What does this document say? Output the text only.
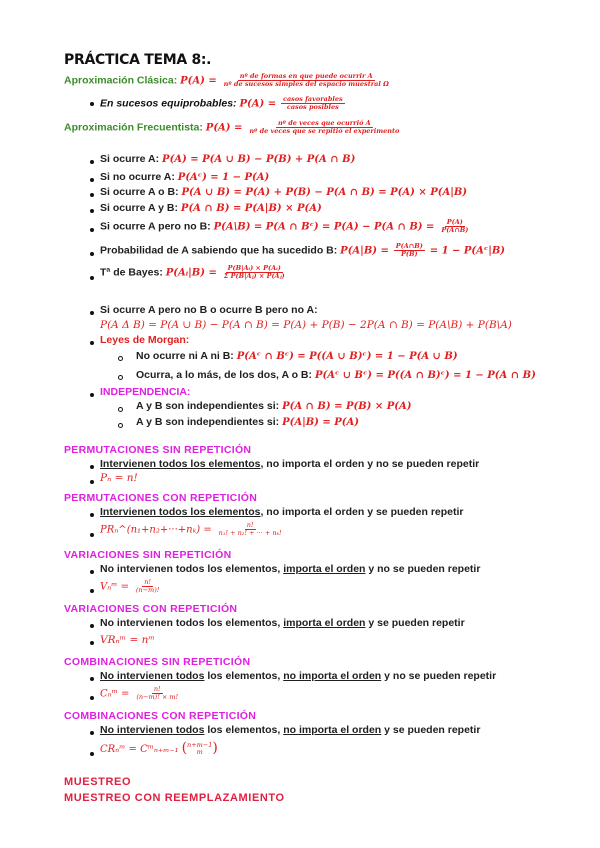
PRÁCTICA TEMA 8:.
Aproximación Clásica: $P(A) = \frac{\text{nº de formas en que puede ocurrir A}}{\text{nº de sucesos simples del espacio muestral Ω}}$
En sucesos equiprobables: $P(A) = \frac{\text{casos favorables}}{\text{casos posibles}}$
Aproximación Frecuentista: $P(A) = \frac{\text{nº de veces que ocurrió A}}{\text{nº de veces que se repitió el experimento}}$
Si ocurre A: P(A) = P(A ∪ B) − P(B) + P(A ∩ B)
Si no ocurre A: P(Aᶜ) = 1 − P(A)
Si ocurre A o B: P(A ∪ B) = P(A) + P(B) − P(A ∩ B) = P(A) × P(A|B)
Si ocurre A y B: P(A ∩ B) = P(A|B) × P(A)
Si ocurre A pero no B: P(A\B) = P(A ∩ Bᶜ) = P(A) − P(A ∩ $B) = \frac{P(A)}{P(A\cap B)}$
Probabilidad de A sabiendo que ha sucedido B: $P(A|B) = \frac{P(A\cap B)}{P(B)} = 1$ − P(Aᶜ|B)
Tª de Bayes: P(Aᵢ|B) = $\frac{\text{P(B|Aᵢ) × P(Aᵢ)}}{\text{Σ P(B|Aⱼ) × P(Aⱼ)}}$
Si ocurre A pero no B o ocurre B pero no A:
P(A Δ B) = P(A ∪ B) − P(A ∩ B) = P(A) + P(B) − 2P(A ∩ B) = P(A\B) + P(B\A)
Leyes de Morgan:
No ocurre ni A ni B: P(Aᶜ ∩ Bᶜ) = P((A ∪ B)ᶜ) = 1 − P(A ∪ B)
Ocurra, a lo más, de los dos, A o B: P(Aᶜ ∪ Bᶜ) = P((A ∩ B)ᶜ) = 1 − P(A ∩ B)
INDEPENDENCIA:
A y B son independientes si: P(A ∩ B) = P(B) × P(A)
A y B son independientes si: P(A|B) = P(A)
PERMUTACIONES SIN REPETICIÓN
Intervienen todos los elementos, no importa el orden y no se pueden repetir
Pₙ = n!
PERMUTACIONES CON REPETICIÓN
Intervienen todos los elementos, no importa el orden y se pueden repetir
PRₙ^(n₁+n₂+···+nₖ) = $\frac{n!}{\text{n₁! + n₂! + ··· + nₖ!}}$
VARIACIONES SIN REPETICIÓN
No intervienen todos los elementos, importa el orden y no se pueden repetir
Vₙᵐ = $\frac{n!}{(n-m)!}$
VARIACIONES CON REPETICIÓN
No intervienen todos los elementos, importa el orden y se pueden repetir
VRₙᵐ = nᵐ
COMBINACIONES SIN REPETICIÓN
No intervienen todos los elementos, no importa el orden y no se pueden repetir
Cₙᵐ = $\frac{n!}{(n-m)! \times m!}$
COMBINACIONES CON REPETICIÓN
No intervienen todos los elementos, no importa el orden y se pueden repetir
CRₙᵐ = Cᵐₙ₊ₘ₋₁ ( n+m−1
m )
MUESTREO
MUESTREO CON REEMPLAZAMIENTO
